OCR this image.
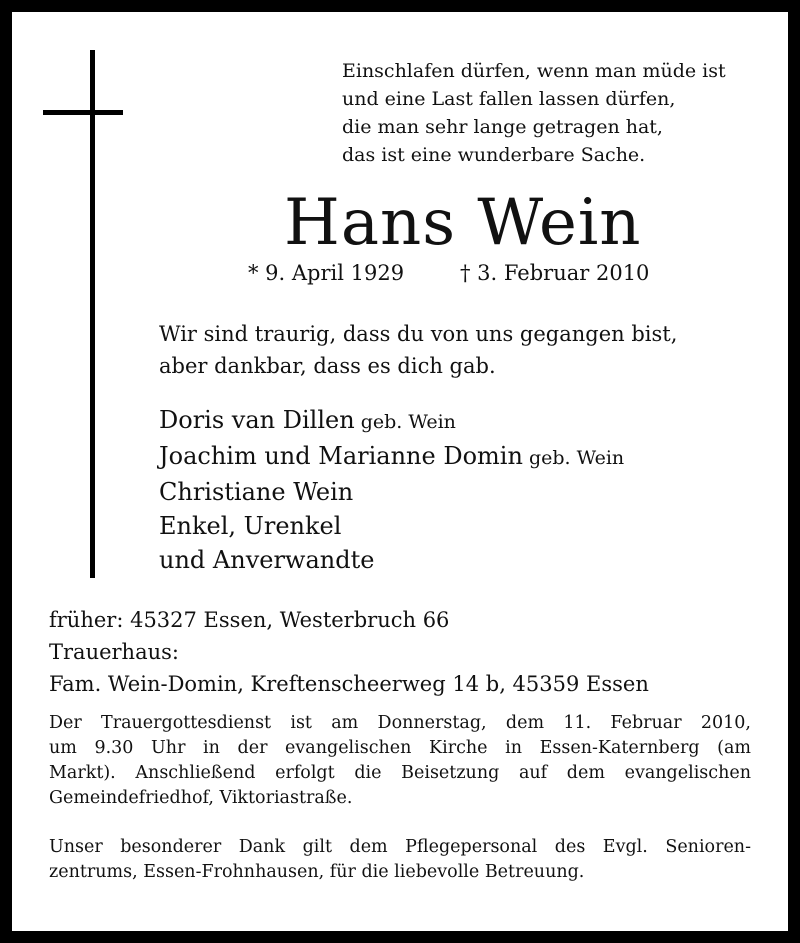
Einschlafen dürfen, wenn man müde ist
und eine Last fallen lassen dürfen,
die man sehr lange getragen hat,
das ist eine wunderbare Sache.
Hans Wein
* 9. April 1929	† 3. Februar 2010
Wir sind traurig, dass du von uns gegangen bist,
aber dankbar, dass es dich gab.
Doris van Dillen geb. Wein
Joachim und Marianne Domin geb. Wein
Christiane Wein
Enkel, Urenkel
und Anverwandte
früher: 45327 Essen, Westerbruch 66
Trauerhaus:
Fam. Wein-Domin, Kreftenscheerweg 14 b, 45359 Essen
Der Trauergottesdienst ist am Donnerstag, dem 11. Februar 2010,
um 9.30 Uhr in der evangelischen Kirche in Essen-Katernberg (am
Markt). Anschließend erfolgt die Beisetzung auf dem evangelischen
Gemeindefriedhof, Viktoriastraße.
Unser besonderer Dank gilt dem Pflegepersonal des Evgl. Senioren-
zentrums, Essen-Frohnhausen, für die liebevolle Betreuung.
